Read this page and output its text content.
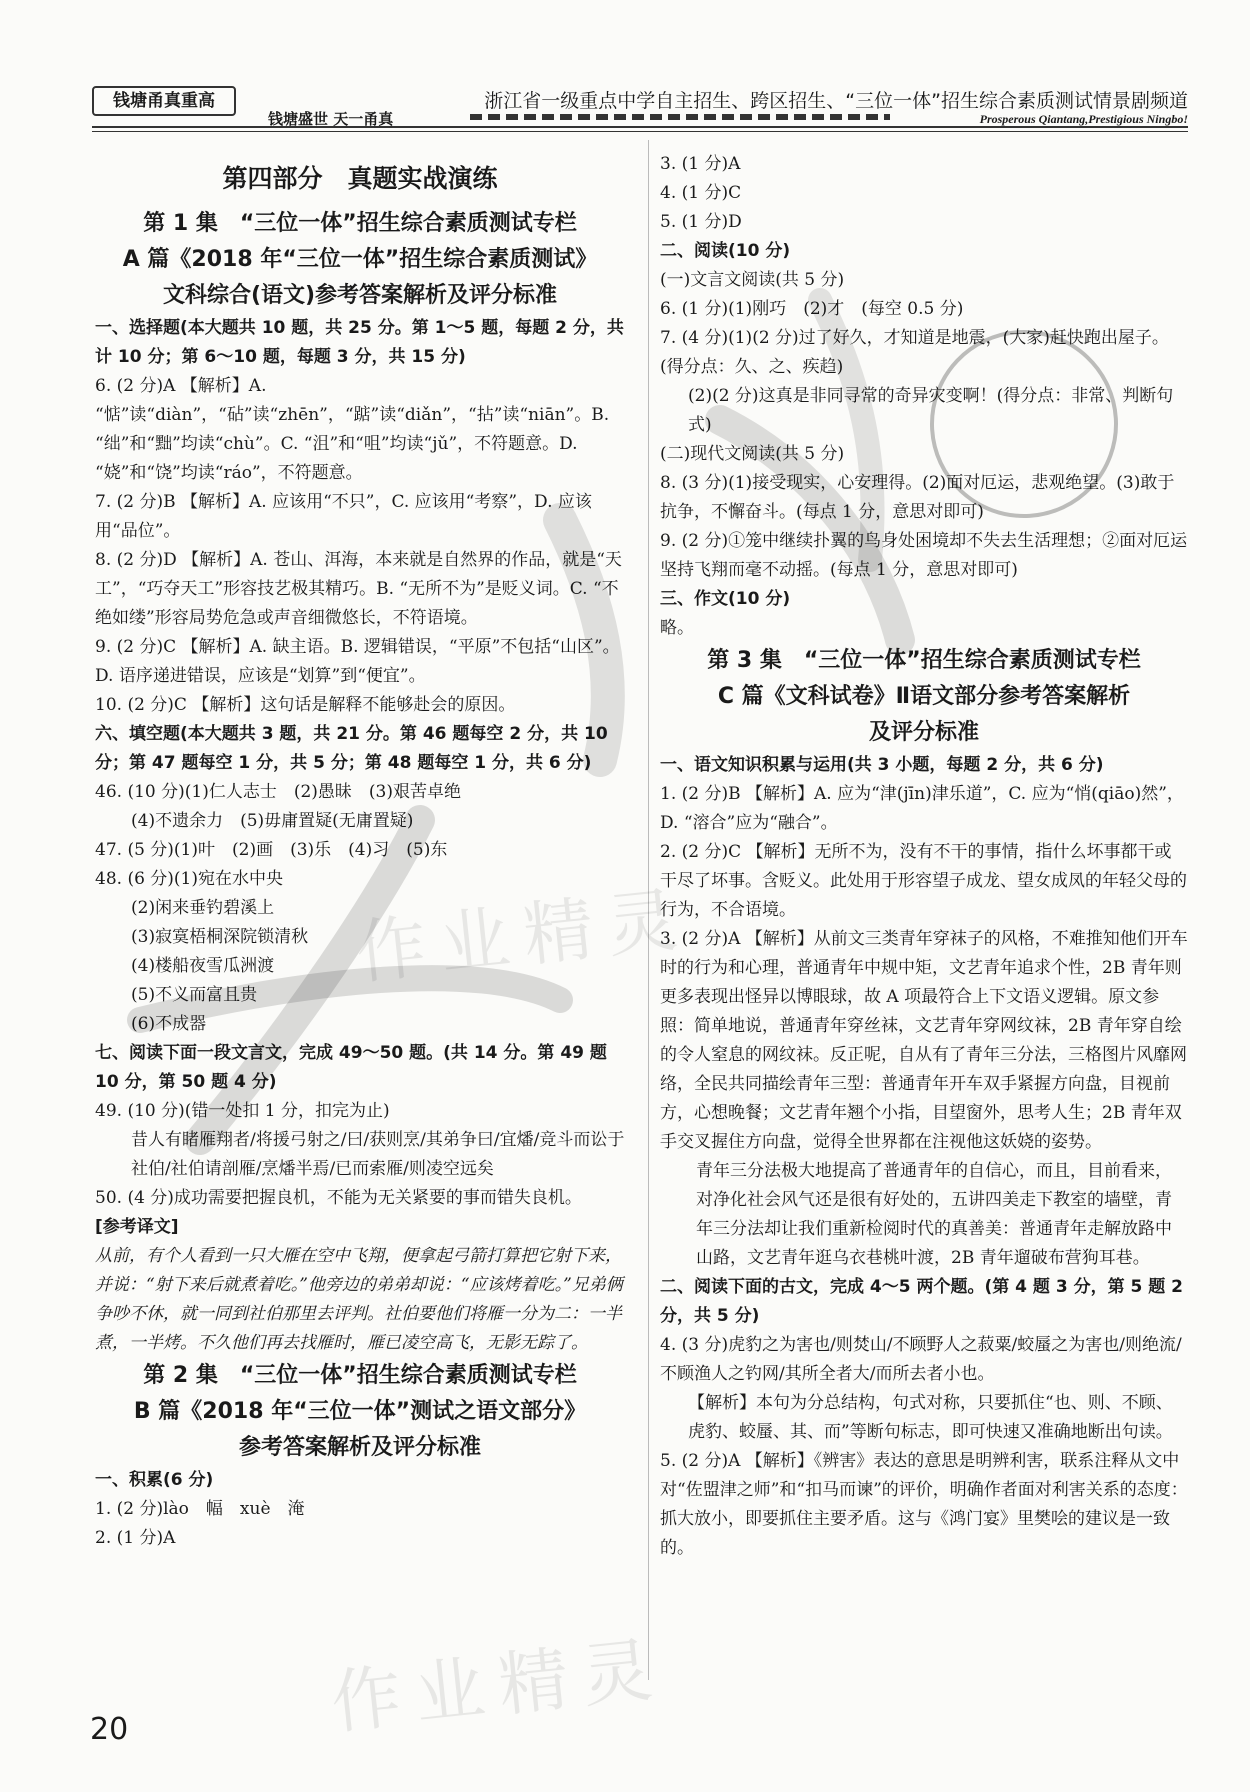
钱塘甬真重高
钱塘盛世 天一甬真
浙江省一级重点中学自主招生、跨区招生、“三位一体”招生综合素质测试情景剧频道
Prosperous Qiantang,Prestigious Ningbo!

第四部分　真题实战演练

第 1 集　“三位一体”招生综合素质测试专栏

A 篇《2018 年“三位一体”招生综合素质测试》

文科综合(语文)参考答案解析及评分标准

一、选择题(本大题共 10 题，共 25 分。第 1～5 题，每题 2 分，共计 10 分；第 6～10 题，每题 3 分，共 15 分)

6. (2 分)A 【解析】A. “惦”读“diàn”，“砧”读“zhēn”，“踮”读“diǎn”，“拈”读“niān”。B. “绌”和“黜”均读“chù”。C. “沮”和“咀”均读“jǔ”，不符题意。D. “娆”和“饶”均读“ráo”，不符题意。

7. (2 分)B 【解析】A. 应该用“不只”，C. 应该用“考察”，D. 应该用“品位”。

8. (2 分)D 【解析】A. 苍山、洱海，本来就是自然界的作品，就是“天工”，“巧夺天工”形容技艺极其精巧。B. “无所不为”是贬义词。C. “不绝如缕”形容局势危急或声音细微悠长，不符语境。

9. (2 分)C 【解析】A. 缺主语。B. 逻辑错误，“平原”不包括“山区”。D. 语序递进错误，应该是“划算”到“便宜”。

10. (2 分)C 【解析】这句话是解释不能够赴会的原因。

六、填空题(本大题共 3 题，共 21 分。第 46 题每空 2 分，共 10 分；第 47 题每空 1 分，共 5 分；第 48 题每空 1 分，共 6 分)

46. (10 分)(1)仁人志士　(2)愚昧　(3)艰苦卓绝

(4)不遗余力　(5)毋庸置疑(无庸置疑)

47. (5 分)(1)叶　(2)画　(3)乐　(4)习　(5)东

48. (6 分)(1)宛在水中央

(2)闲来垂钓碧溪上

(3)寂寞梧桐深院锁清秋

(4)楼船夜雪瓜洲渡

(5)不义而富且贵

(6)不成器

七、阅读下面一段文言文，完成 49～50 题。(共 14 分。第 49 题 10 分，第 50 题 4 分)

49. (10 分)(错一处扣 1 分，扣完为止)

昔人有睹雁翔者/将援弓射之/曰/获则烹/其弟争曰/宜燔/竞斗而讼于社伯/社伯请剖雁/烹燔半焉/已而索雁/则凌空远矣

50. (4 分)成功需要把握良机，不能为无关紧要的事而错失良机。

[参考译文]

从前，有个人看到一只大雁在空中飞翔，便拿起弓箭打算把它射下来，并说：“射下来后就煮着吃。”他旁边的弟弟却说：“应该烤着吃。”兄弟俩争吵不休，就一同到社伯那里去评判。社伯要他们将雁一分为二：一半煮，一半烤。不久他们再去找雁时，雁已凌空高飞，无影无踪了。

第 2 集　“三位一体”招生综合素质测试专栏

B 篇《2018 年“三位一体”测试之语文部分》

参考答案解析及评分标准

一、积累(6 分)

1. (2 分)lào　幅　xuè　淹

2. (1 分)A

3. (1 分)A

4. (1 分)C

5. (1 分)D

二、阅读(10 分)

(一)文言文阅读(共 5 分)

6. (1 分)(1)刚巧　(2)才　(每空 0.5 分)

7. (4 分)(1)(2 分)过了好久，才知道是地震，(大家)赶快跑出屋子。(得分点：久、之、疾趋)

(2)(2 分)这真是非同寻常的奇异灾变啊！(得分点：非常、判断句式)

(二)现代文阅读(共 5 分)

8. (3 分)(1)接受现实，心安理得。(2)面对厄运，悲观绝望。(3)敢于抗争，不懈奋斗。(每点 1 分，意思对即可)

9. (2 分)①笼中继续扑翼的鸟身处困境却不失去生活理想；②面对厄运坚持飞翔而毫不动摇。(每点 1 分，意思对即可)

三、作文(10 分)

略。

第 3 集　“三位一体”招生综合素质测试专栏

C 篇《文科试卷》Ⅱ语文部分参考答案解析

及评分标准

一、语文知识积累与运用(共 3 小题，每题 2 分，共 6 分)

1. (2 分)B 【解析】A. 应为“津(jīn)津乐道”，C. 应为“悄(qiāo)然”，D. “溶合”应为“融合”。

2. (2 分)C 【解析】无所不为，没有不干的事情，指什么坏事都干或干尽了坏事。含贬义。此处用于形容望子成龙、望女成凤的年轻父母的行为，不合语境。

3. (2 分)A 【解析】从前文三类青年穿袜子的风格，不难推知他们开车时的行为和心理，普通青年中规中矩，文艺青年追求个性，2B 青年则更多表现出怪异以博眼球，故 A 项最符合上下文语义逻辑。原文参照：简单地说，普通青年穿丝袜，文艺青年穿网纹袜，2B 青年穿自绘的令人窒息的网纹袜。反正呢，自从有了青年三分法，三格图片风靡网络，全民共同描绘青年三型：普通青年开车双手紧握方向盘，目视前方，心想晚餐；文艺青年翘个小指，目望窗外，思考人生；2B 青年双手交叉握住方向盘，觉得全世界都在注视他这妖娆的姿势。

青年三分法极大地提高了普通青年的自信心，而且，目前看来，对净化社会风气还是很有好处的，五讲四美走下教室的墙壁，青年三分法却让我们重新检阅时代的真善美：普通青年走解放路中山路，文艺青年逛乌衣巷桃叶渡，2B 青年遛破布营狗耳巷。

二、阅读下面的古文，完成 4～5 两个题。(第 4 题 3 分，第 5 题 2 分，共 5 分)

4. (3 分)虎豹之为害也/则焚山/不顾野人之菽粟/蛟蜃之为害也/则绝流/不顾渔人之钓网/其所全者大/而所去者小也。

【解析】本句为分总结构，句式对称，只要抓住“也、则、不顾、虎豹、蛟蜃、其、而”等断句标志，即可快速又准确地断出句读。

5. (2 分)A 【解析】《辨害》表达的意思是明辨利害，联系注释从文中对“佐盟津之师”和“扣马而谏”的评价，明确作者面对利害关系的态度：抓大放小，即要抓住主要矛盾。这与《鸿门宴》里樊哙的建议是一致的。

作业精灵
作业精灵
20
